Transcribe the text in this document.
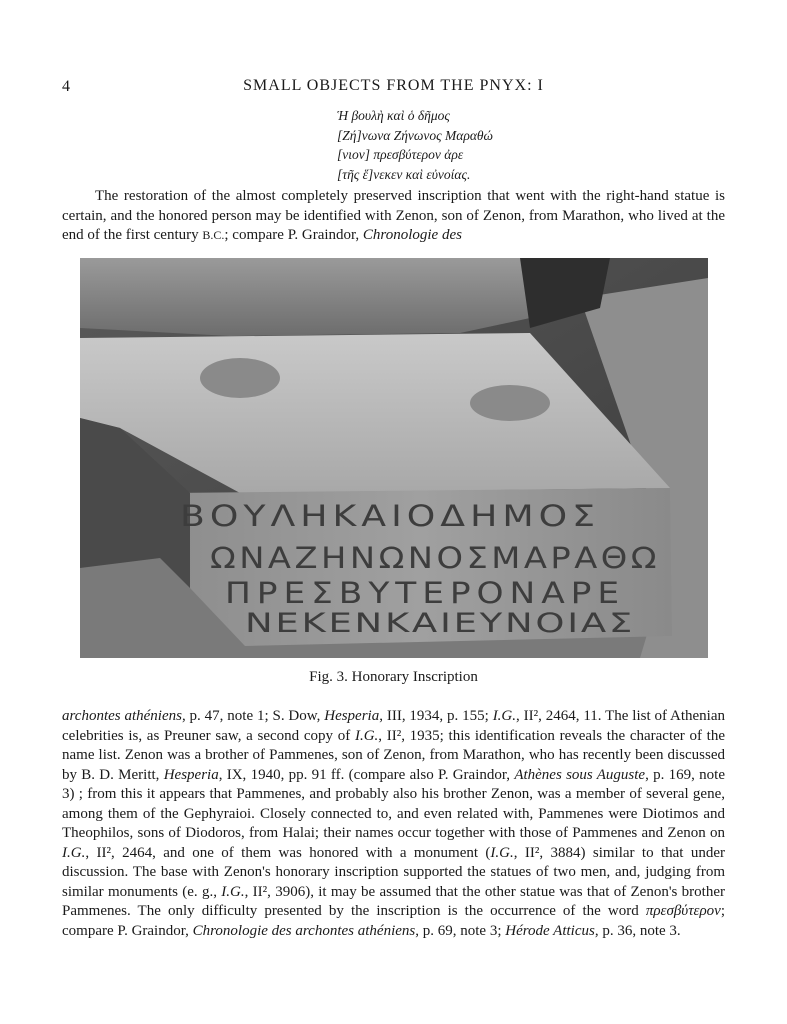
4	SMALL OBJECTS FROM THE PNYX: I
Ἡ βουλὴ καὶ ὁ δῆμος
[Ζή]νωνα Ζήνωνος Μαραθώ
[νιον] πρεσβύτερον ἀρε
[τῆς ἕ]νεκεν καὶ εὐνοίας.

The restoration of the almost completely preserved inscription that went with the right-hand statue is certain, and the honored person may be identified with Zenon, son of Zenon, from Marathon, who lived at the end of the first century B.C.; compare P. Graindor, Chronologie des

ΒΟΥΛΗΚΑΙΟΔΗΜΟΣ
ΩΝΑΖΗΝΩΝΟΣΜΑΡΑΘΩ
ΠΡΕΣΒΥΤΕΡΟΝΑΡΕ
ΝΕΚΕΝΚΑΙΕΥΝΟΙΑΣ
Fig. 3. Honorary Inscription

archontes athéniens, p. 47, note 1; S. Dow, Hesperia, III, 1934, p. 155; I.G., II², 2464, 11. The list of Athenian celebrities is, as Preuner saw, a second copy of I.G., II², 1935; this identification reveals the character of the name list. Zenon was a brother of Pammenes, son of Zenon, from Marathon, who has recently been discussed by B. D. Meritt, Hesperia, IX, 1940, pp. 91 ff. (compare also P. Graindor, Athènes sous Auguste, p. 169, note 3) ; from this it appears that Pammenes, and probably also his brother Zenon, was a member of several gene, among them of the Gephyraioi. Closely connected to, and even related with, Pammenes were Diotimos and Theophilos, sons of Diodoros, from Halai; their names occur together with those of Pammenes and Zenon on I.G., II², 2464, and one of them was honored with a monument (I.G., II², 3884) similar to that under discussion. The base with Zenon's honorary inscription supported the statues of two men, and, judging from similar monuments (e. g., I.G., II², 3906), it may be assumed that the other statue was that of Zenon's brother Pammenes. The only difficulty presented by the inscription is the occurrence of the word πρεσβύτερον; compare P. Graindor, Chronologie des archontes athéniens, p. 69, note 3; Hérode Atticus, p. 36, note 3.
